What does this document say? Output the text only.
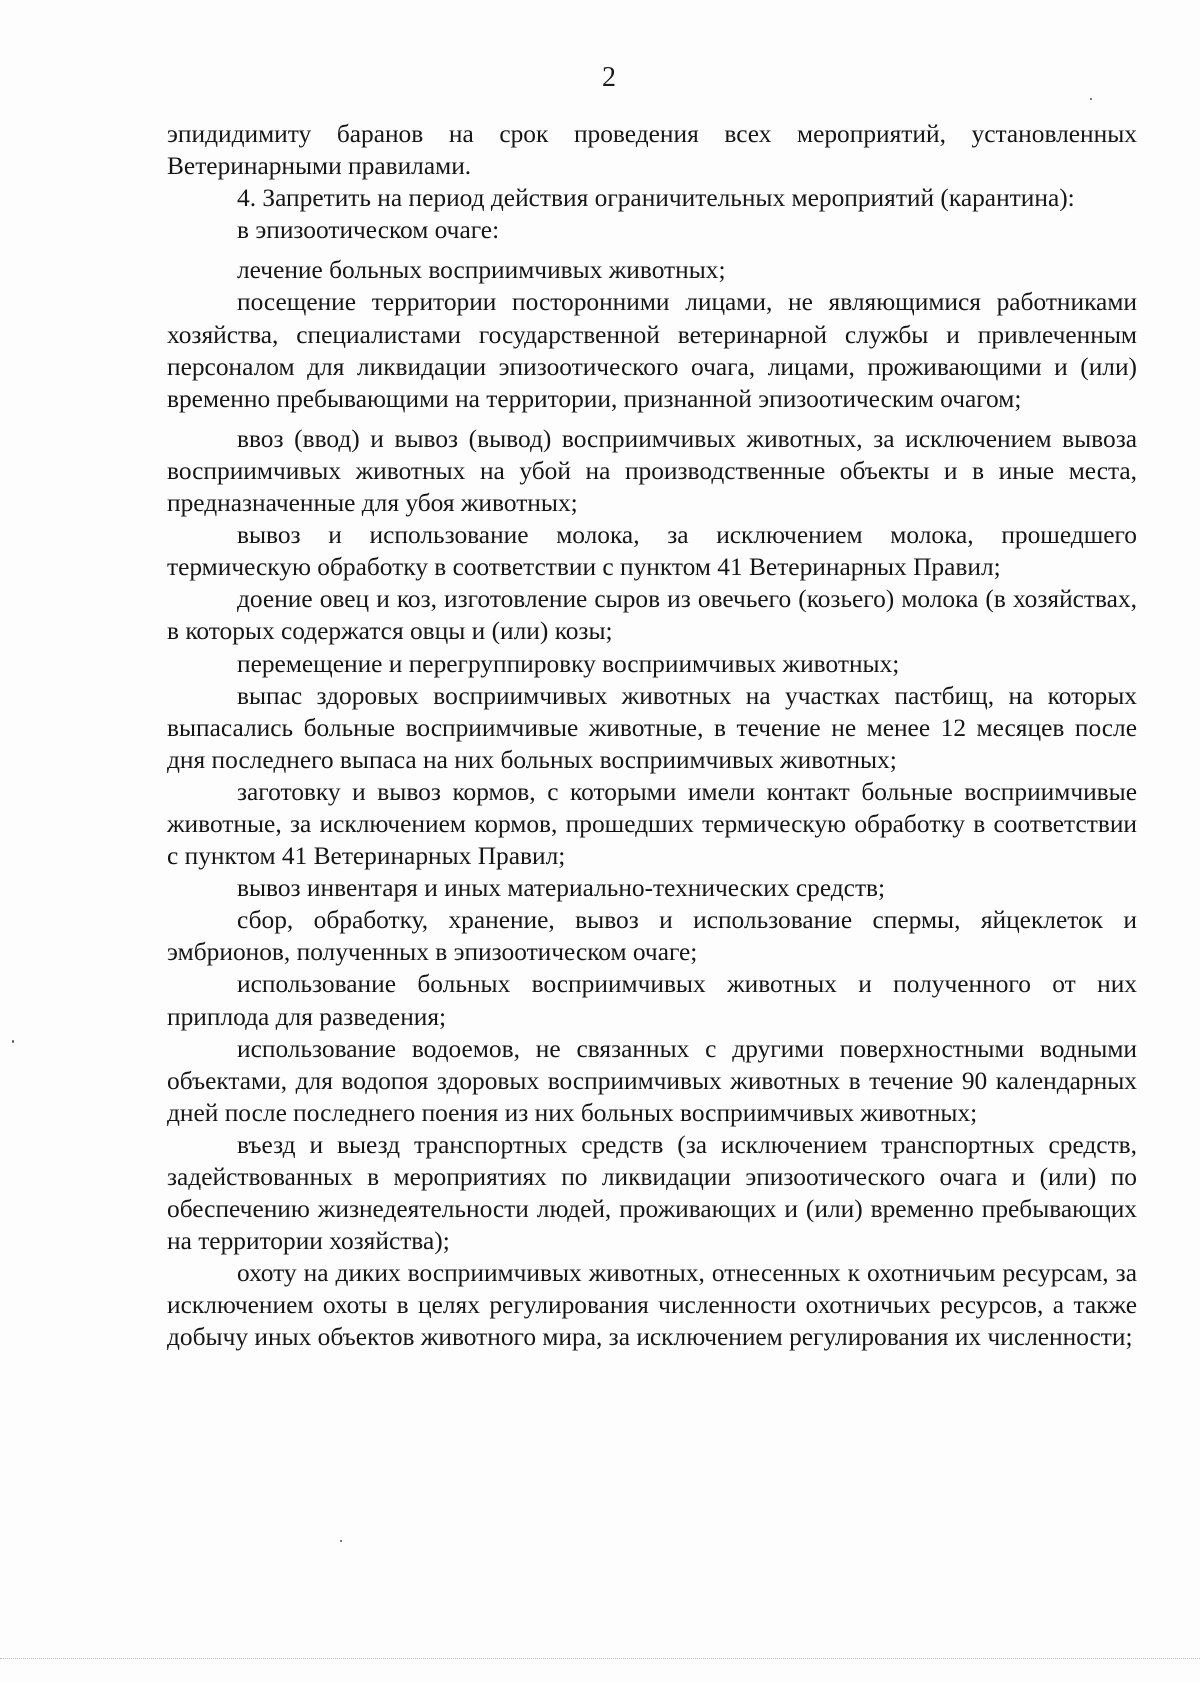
2

эпидидимиту баранов на срок проведения всех мероприятий, установленных Ветеринарными правилами.

4. Запретить на период действия ограничительных мероприятий (карантина):

в эпизоотическом очаге:

лечение больных восприимчивых животных;

посещение территории посторонними лицами, не являющимися работниками хозяйства, специалистами государственной ветеринарной службы и привлеченным персоналом для ликвидации эпизоотического очага, лицами, проживающими и (или) временно пребывающими на территории, признанной эпизоотическим очагом;

ввоз (ввод) и вывоз (вывод) восприимчивых животных, за исключением вывоза восприимчивых животных на убой на производственные объекты и в иные места, предназначенные для убоя животных;

вывоз и использование молока, за исключением молока, прошедшего термическую обработку в соответствии с пунктом 41 Ветеринарных Правил;

доение овец и коз, изготовление сыров из овечьего (козьего) молока (в хозяйствах, в которых содержатся овцы и (или) козы;

перемещение и перегруппировку восприимчивых животных;

выпас здоровых восприимчивых животных на участках пастбищ, на которых выпасались больные восприимчивые животные, в течение не менее 12 месяцев после дня последнего выпаса на них больных восприимчивых животных;

заготовку и вывоз кормов, с которыми имели контакт больные восприимчивые животные, за исключением кормов, прошедших термическую обработку в соответствии с пунктом 41 Ветеринарных Правил;

вывоз инвентаря и иных материально-технических средств;

сбор, обработку, хранение, вывоз и использование спермы, яйцеклеток и эмбрионов, полученных в эпизоотическом очаге;

использование больных восприимчивых животных и полученного от них приплода для разведения;

использование водоемов, не связанных с другими поверхностными водными объектами, для водопоя здоровых восприимчивых животных в течение 90 календарных дней после последнего поения из них больных восприимчивых животных;

въезд и выезд транспортных средств (за исключением транспортных средств, задействованных в мероприятиях по ликвидации эпизоотического очага и (или) по обеспечению жизнедеятельности людей, проживающих и (или) временно пребывающих на территории хозяйства);

охоту на диких восприимчивых животных, отнесенных к охотничьим ресурсам, за исключением охоты в целях регулирования численности охотничьих ресурсов, а также добычу иных объектов животного мира, за исключением регулирования их численности;
